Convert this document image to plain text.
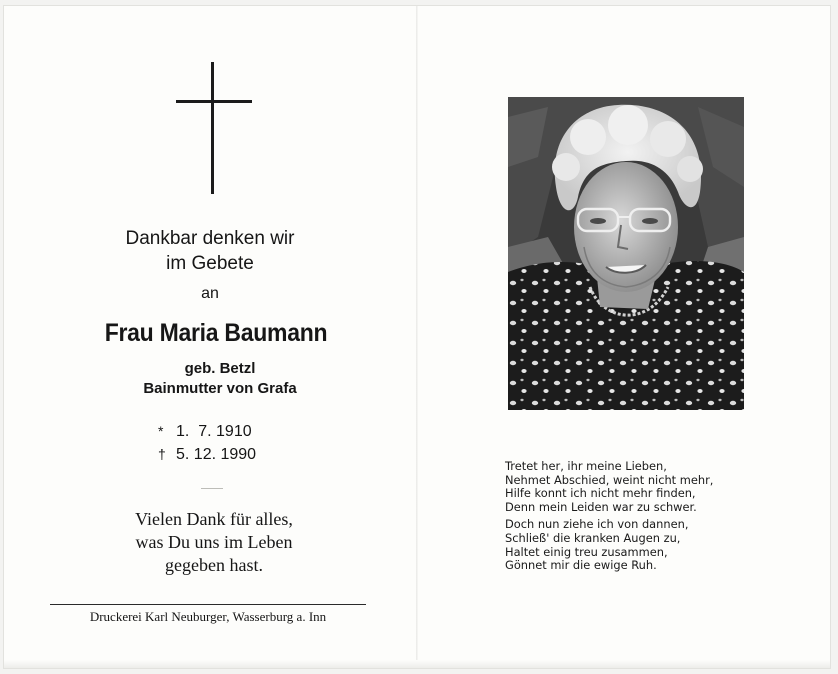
Dankbar denken wir
im Gebete
an
Frau Maria Baumann
geb. Betzl
Bainmutter von Grafa
* 1.  7. 1910
† 5. 12. 1990
Vielen Dank für alles,
was Du uns im Leben
gegeben hast.
Druckerei Karl Neuburger, Wasserburg a. Inn
Tretet her, ihr meine Lieben,
Nehmet Abschied, weint nicht mehr,
Hilfe konnt ich nicht mehr finden,
Denn mein Leiden war zu schwer.
Doch nun ziehe ich von dannen,
Schließ' die kranken Augen zu,
Haltet einig treu zusammen,
Gönnet mir die ewige Ruh.
